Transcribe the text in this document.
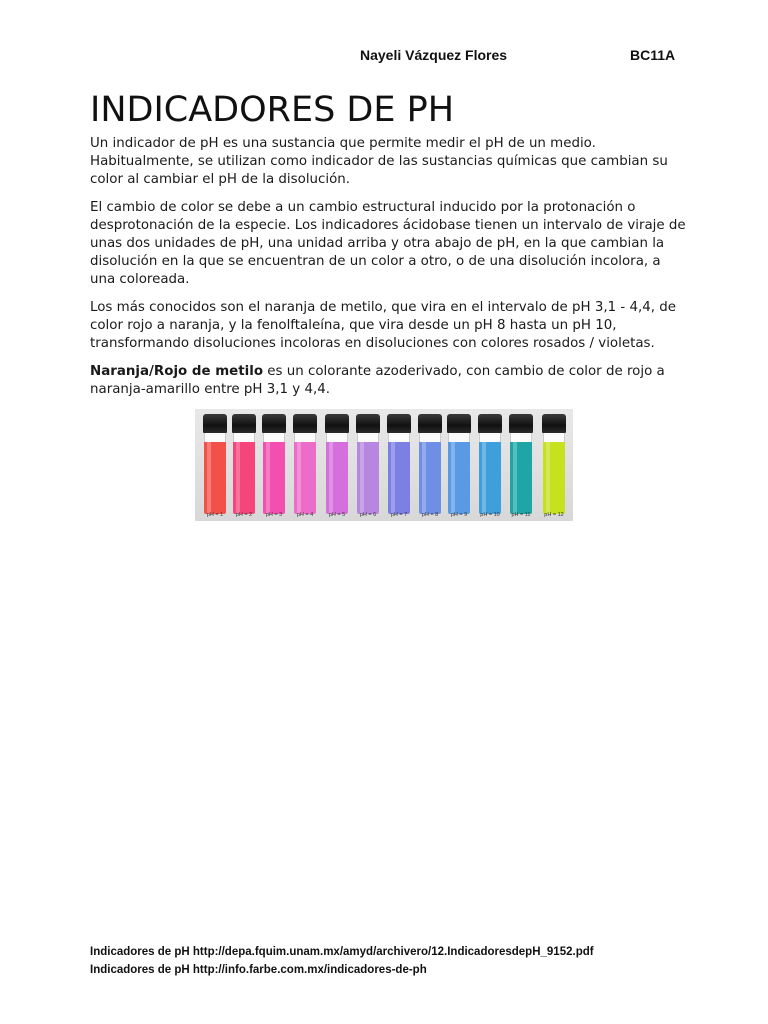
Nayeli Vázquez Flores	BC11A
INDICADORES DE PH

Un indicador de pH es una sustancia que permite medir el pH de un medio. Habitualmente, se utilizan como indicador de las sustancias químicas que cambian su color al cambiar el pH de la disolución.

El cambio de color se debe a un cambio estructural inducido por la protonación o desprotonación de la especie. Los indicadores ácidobase tienen un intervalo de viraje de unas dos unidades de pH, una unidad arriba y otra abajo de pH, en la que cambian la disolución en la que se encuentran de un color a otro, o de una disolución incolora, a una coloreada.

Los más conocidos son el naranja de metilo, que vira en el intervalo de pH 3,1 - 4,4, de color rojo a naranja, y la fenolftaleína, que vira desde un pH 8 hasta un pH 10, transformando disoluciones incoloras en disoluciones con colores rosados / violetas.

Naranja/Rojo de metilo es un colorante azoderivado, con cambio de color de rojo a naranja-amarillo entre pH 3,1 y 4,4.

pH = 1	pH = 2	pH = 3	pH = 4	pH = 5	pH = 6	pH = 7	pH = 8	pH = 9	pH = 10	pH = 11	pH = 12
Indicadores de pH http://depa.fquim.unam.mx/amyd/archivero/12.IndicadoresdepH_9152.pdf
Indicadores de pH http://info.farbe.com.mx/indicadores-de-ph
